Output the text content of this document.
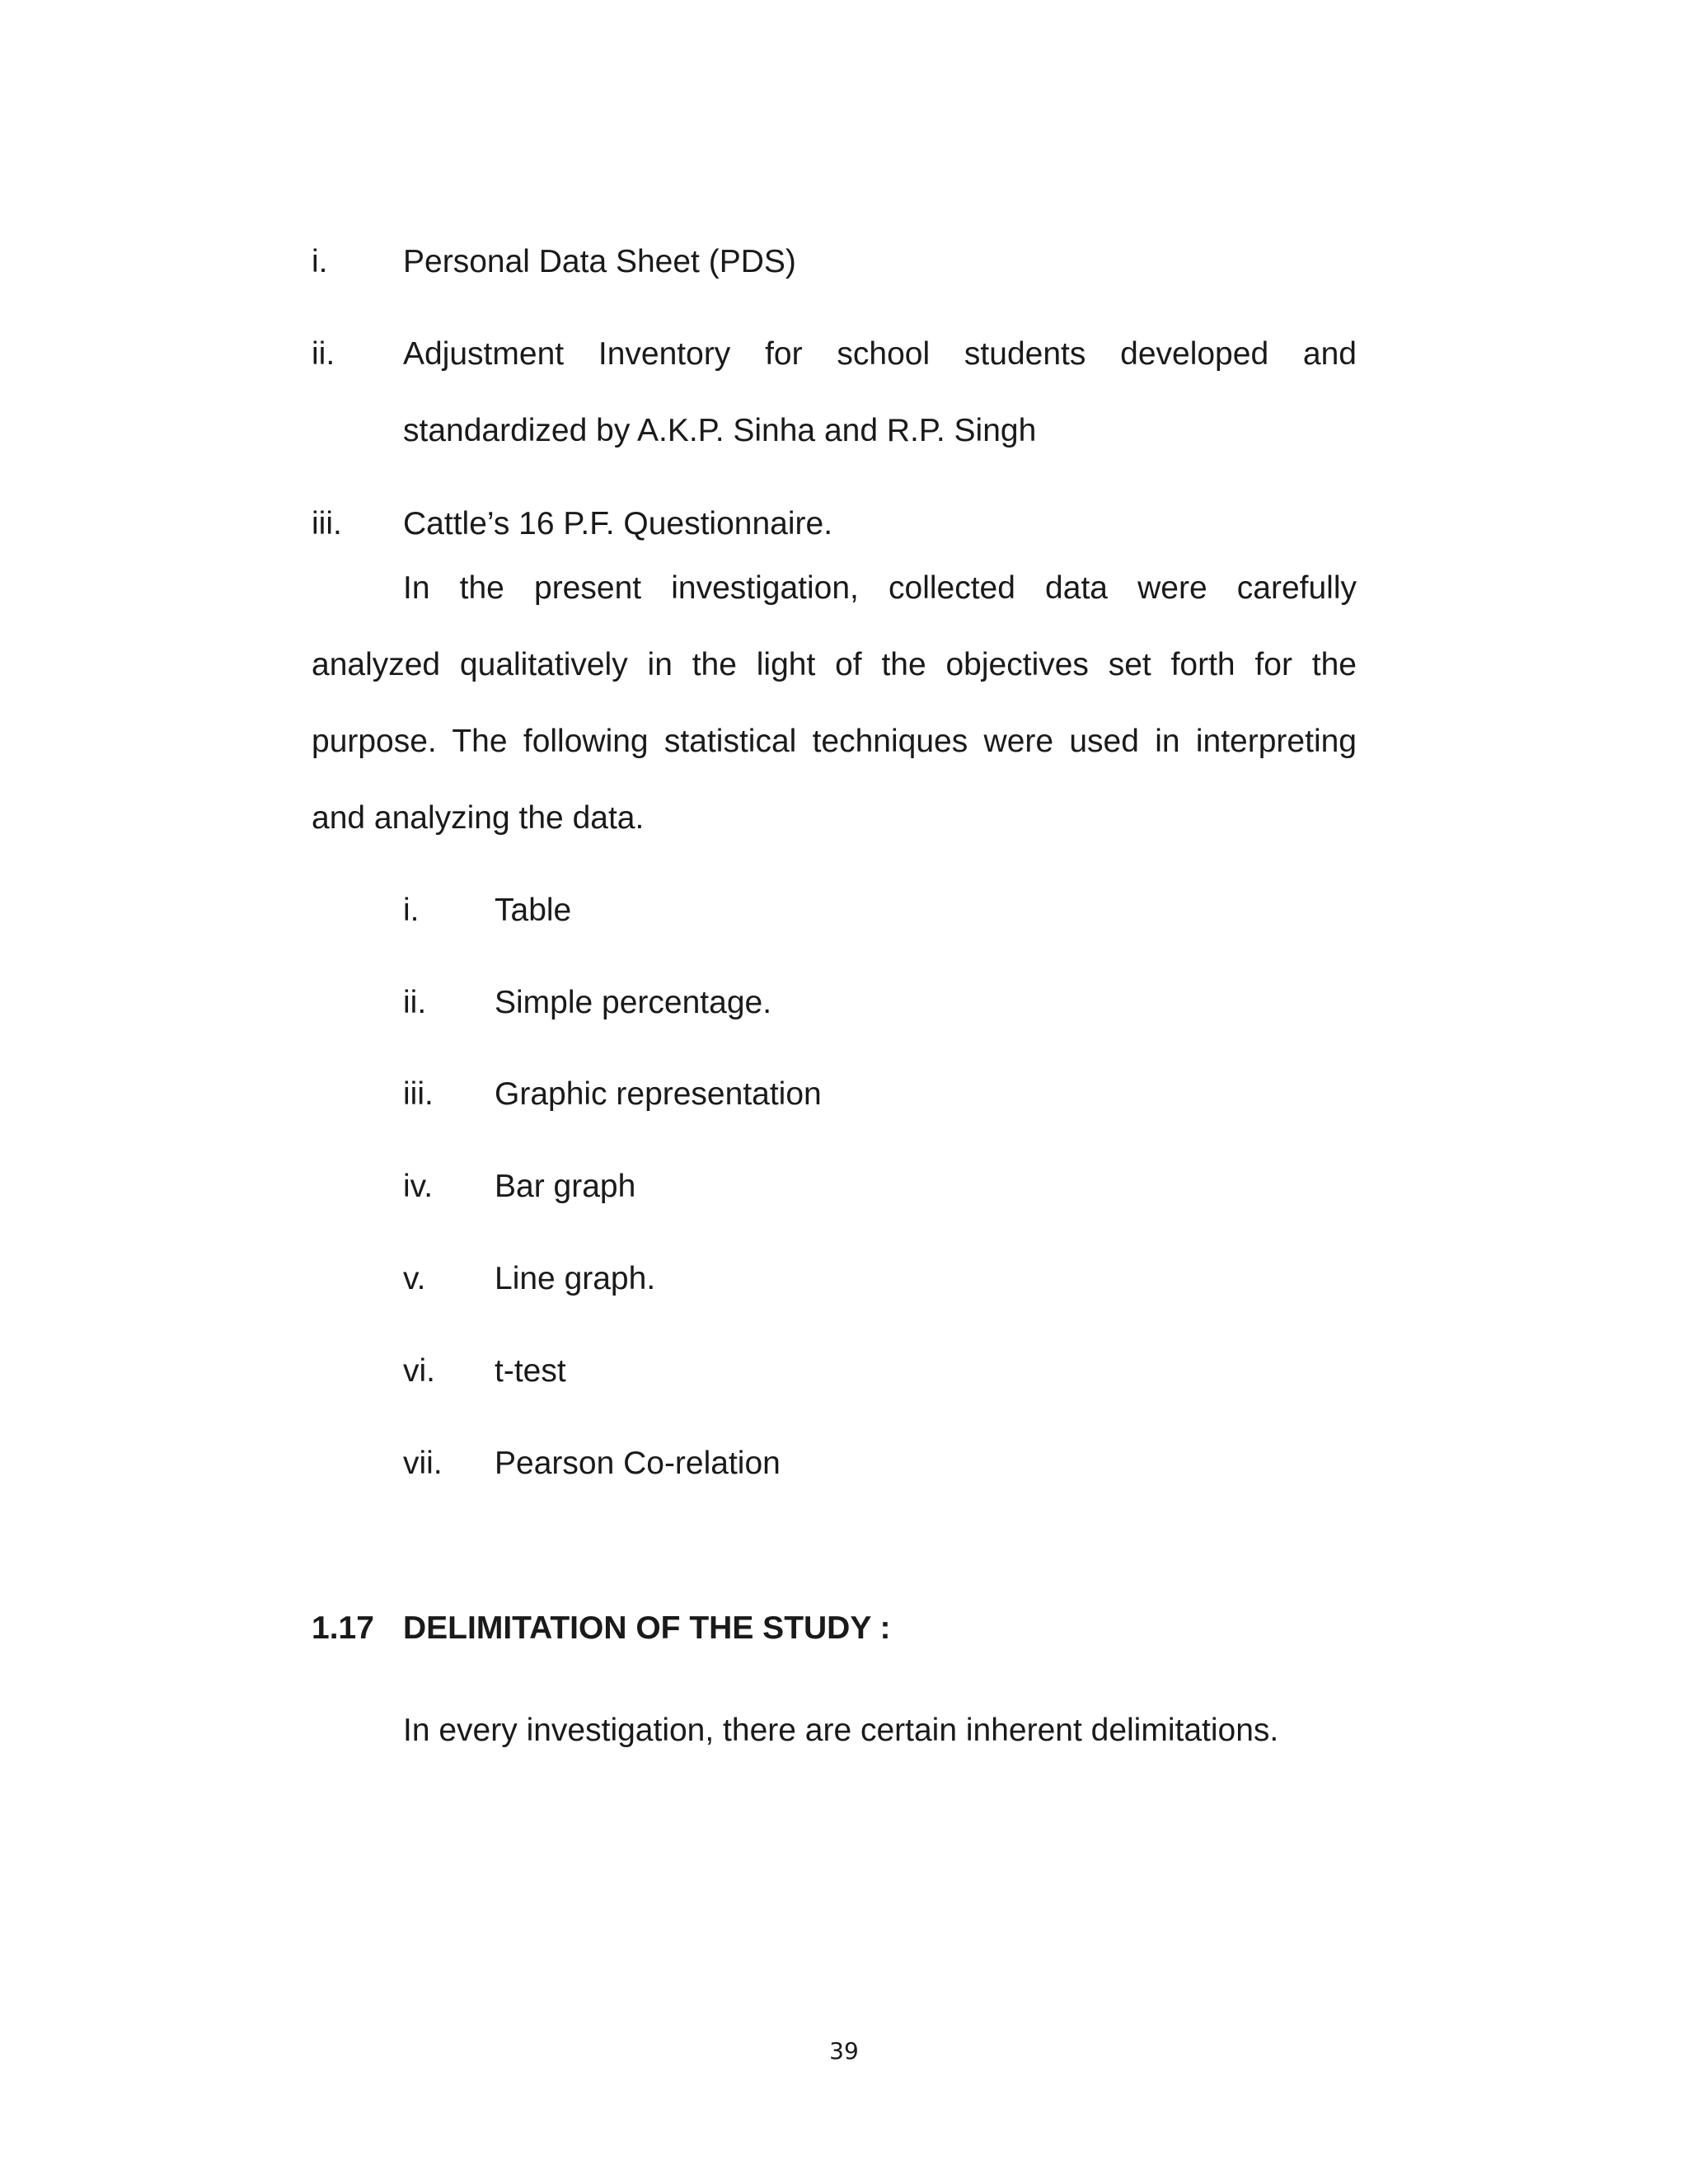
i. Personal Data Sheet (PDS)
ii. Adjustment Inventory for school students developed and
standardized by A.K.P. Sinha and R.P. Singh
iii. Cattle’s 16 P.F. Questionnaire.
In the present investigation, collected data were carefully
analyzed qualitatively in the light of the objectives set forth for the
purpose. The following statistical techniques were used in interpreting
and analyzing the data.
i. Table
ii. Simple percentage.
iii. Graphic representation
iv. Bar graph
v. Line graph.
vi. t-test
vii. Pearson Co-relation
1.17 DELIMITATION OF THE STUDY :
In every investigation, there are certain inherent delimitations.
39
